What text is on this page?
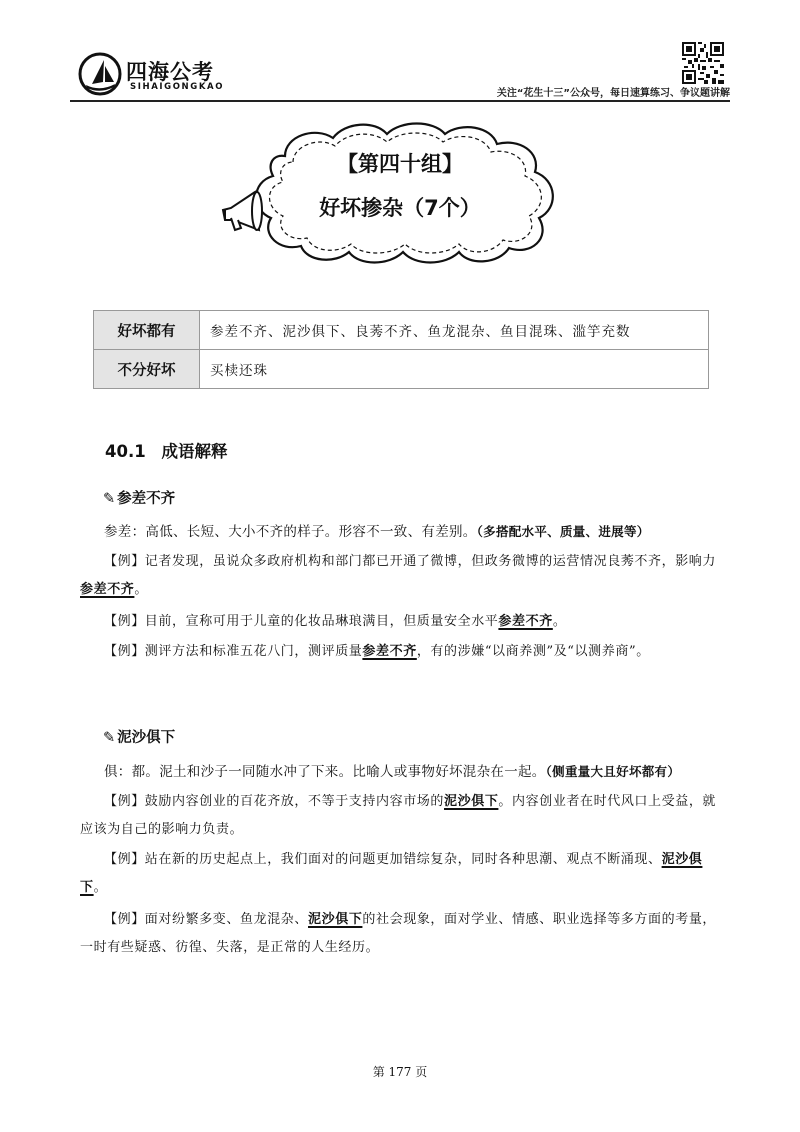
四海公考
SIHAIGONGKAO
关注“花生十三”公众号，每日速算练习、争议题讲解
【第四十组】
好坏掺杂（7个）
好坏都有	参差不齐、泥沙俱下、良莠不齐、鱼龙混杂、鱼目混珠、滥竽充数
不分好坏	买椟还珠
40.1 成语解释
✎ 参差不齐
参差：高低、长短、大小不齐的样子。形容不一致、有差别。（多搭配水平、质量、进展等）
【例】记者发现，虽说众多政府机构和部门都已开通了微博，但政务微博的运营情况良莠不齐，影响力参差不齐。
【例】目前，宣称可用于儿童的化妆品琳琅满目，但质量安全水平参差不齐。
【例】测评方法和标准五花八门，测评质量参差不齐，有的涉嫌“以商养测”及“以测养商”。
✎ 泥沙俱下
俱：都。泥土和沙子一同随水冲了下来。比喻人或事物好坏混杂在一起。（侧重量大且好坏都有）
【例】鼓励内容创业的百花齐放，不等于支持内容市场的泥沙俱下。内容创业者在时代风口上受益，就应该为自己的影响力负责。
【例】站在新的历史起点上，我们面对的问题更加错综复杂，同时各种思潮、观点不断涌现、泥沙俱下。
【例】面对纷繁多变、鱼龙混杂、泥沙俱下的社会现象，面对学业、情感、职业选择等多方面的考量，一时有些疑惑、彷徨、失落，是正常的人生经历。
第 177 页
